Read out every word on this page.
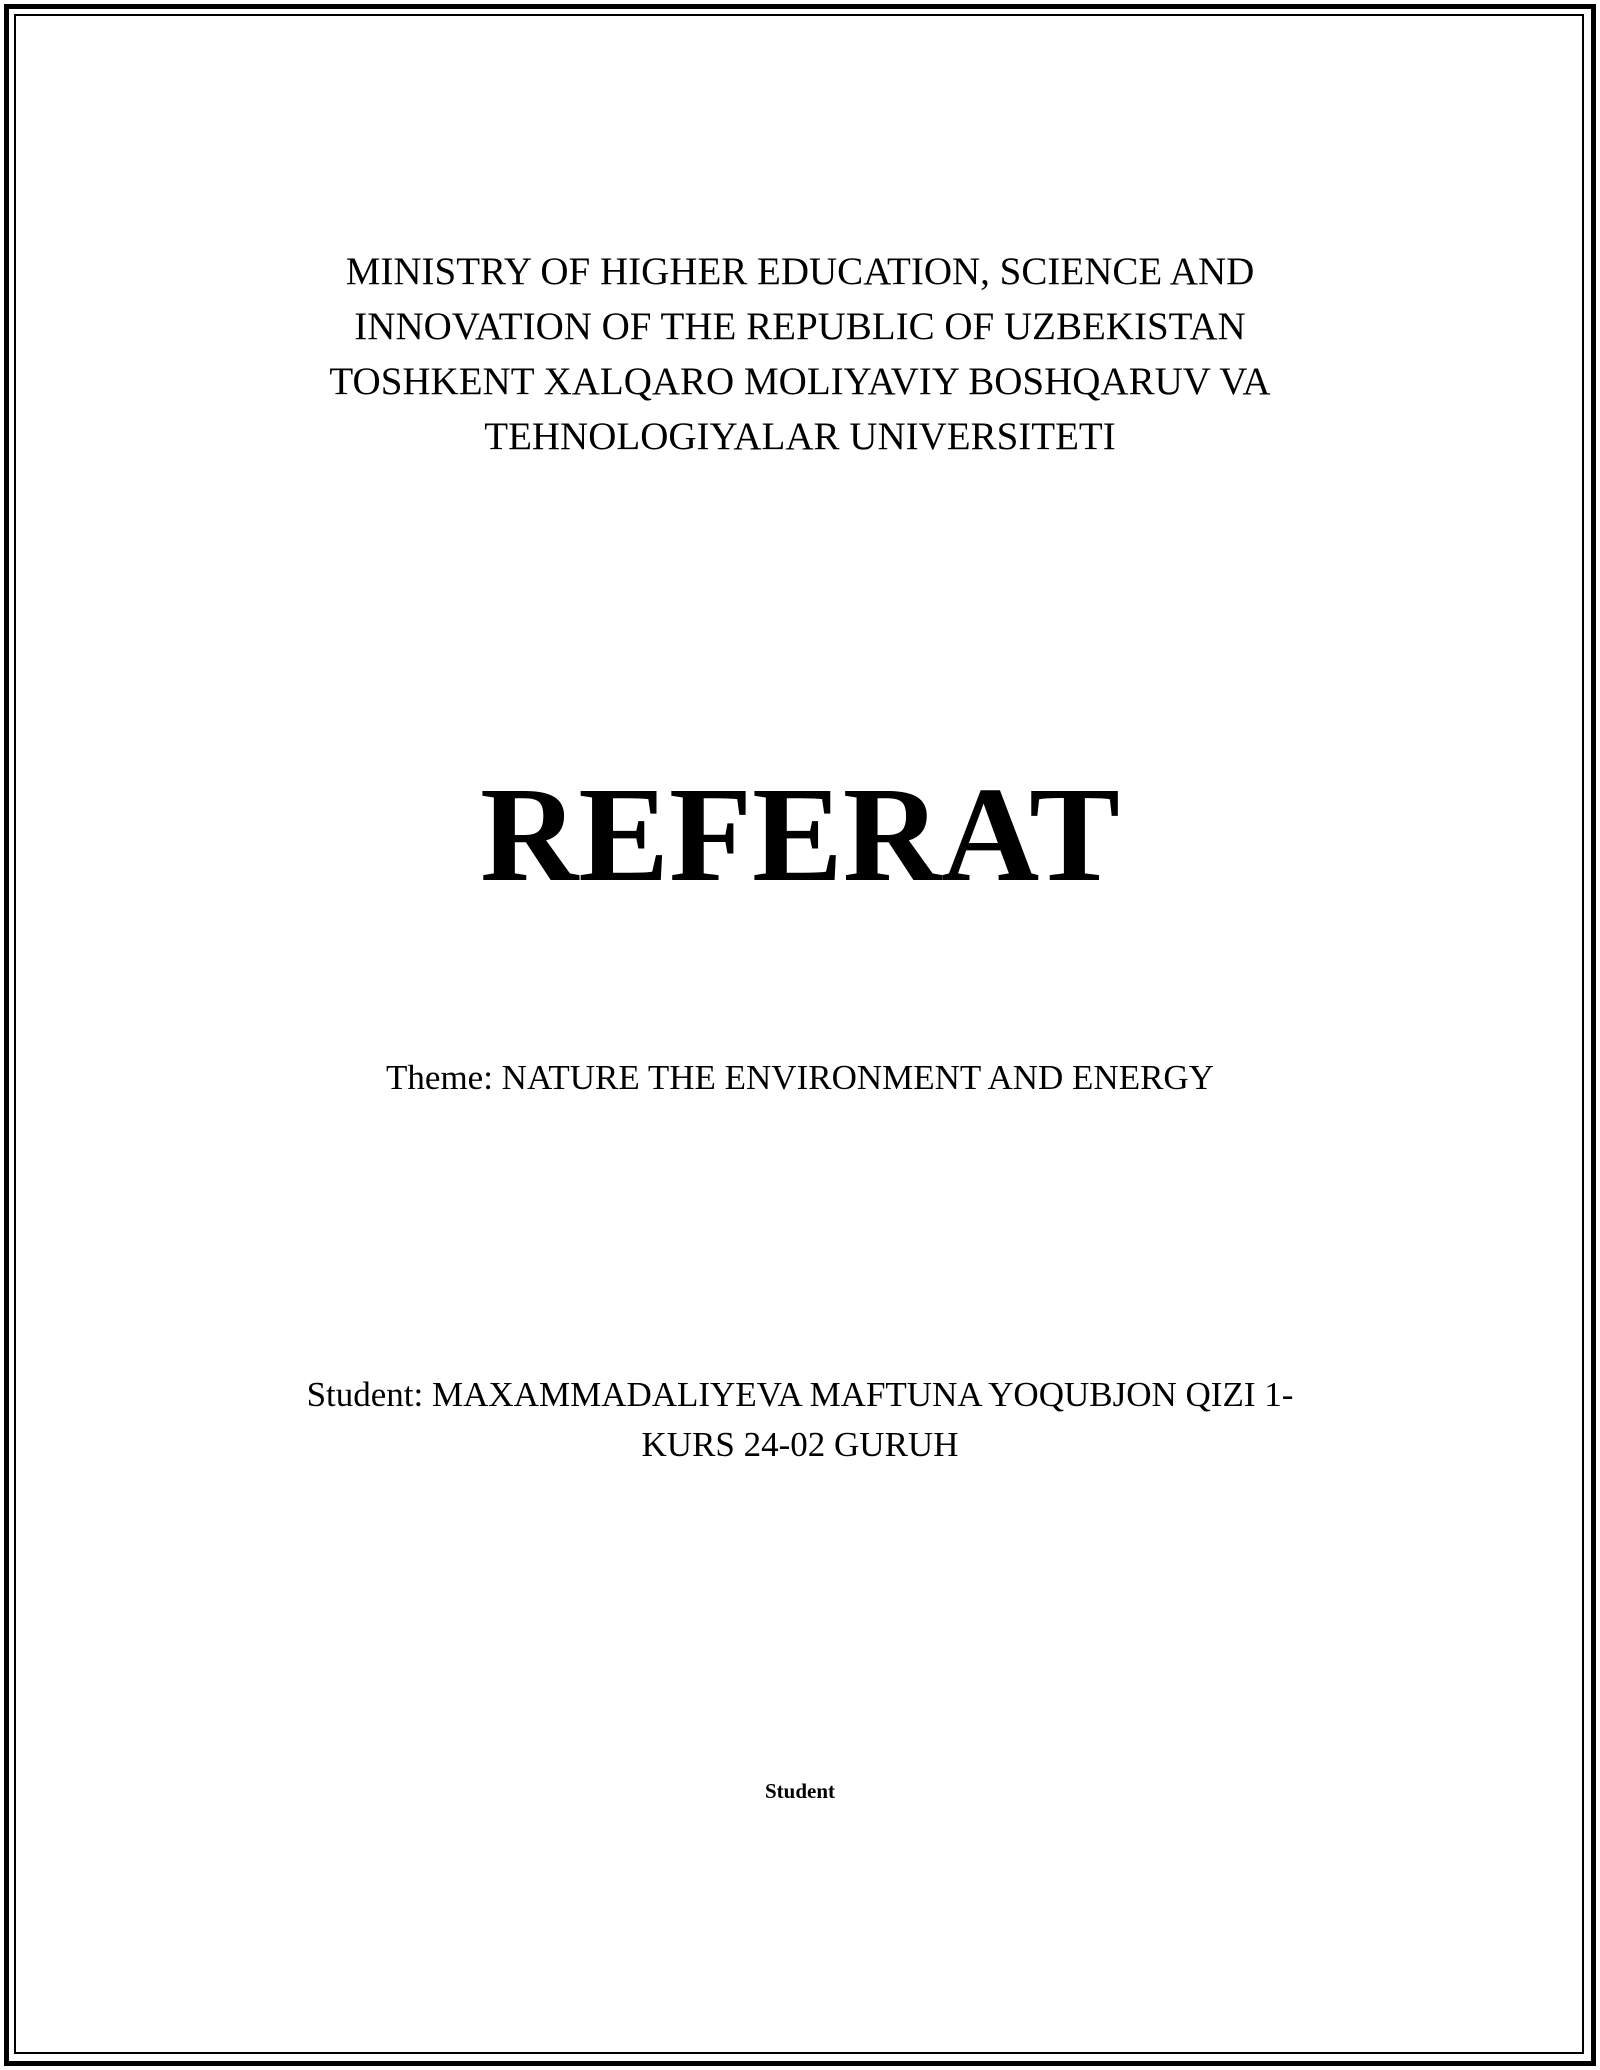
MINISTRY OF HIGHER EDUCATION, SCIENCE AND
INNOVATION OF THE REPUBLIC OF UZBEKISTAN
TOSHKENT XALQARO MOLIYAVIY BOSHQARUV VA
TEHNOLOGIYALAR UNIVERSITETI
REFERAT
Theme: NATURE THE ENVIRONMENT AND ENERGY
Student: MAXAMMADALIYEVA MAFTUNA YOQUBJON QIZI 1-
KURS 24-02 GURUH
Student
